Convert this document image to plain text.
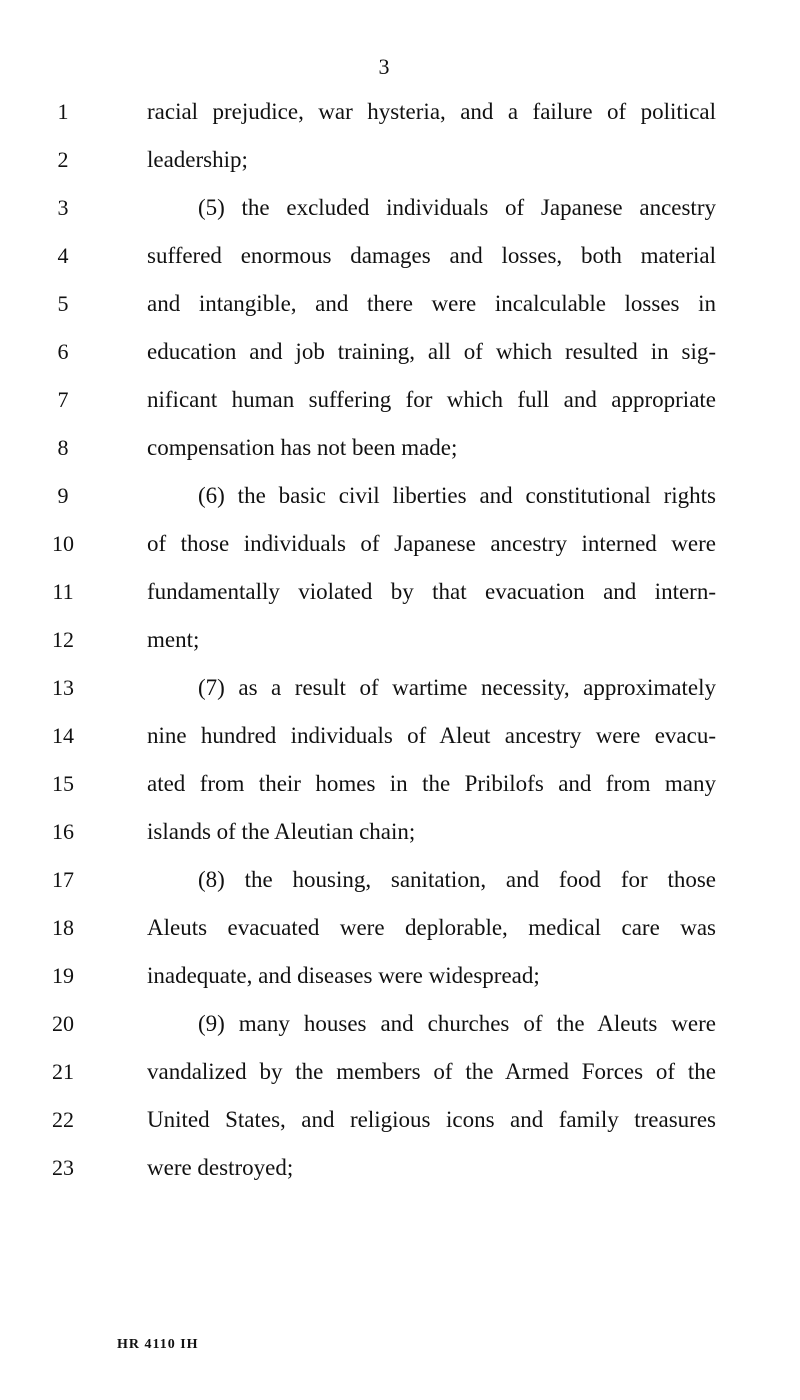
3
1	racial prejudice, war hysteria, and a failure of political
2	leadership;
3	(5) the excluded individuals of Japanese ancestry
4	suffered enormous damages and losses, both material
5	and intangible, and there were incalculable losses in
6	education and job training, all of which resulted in sig-
7	nificant human suffering for which full and appropriate
8	compensation has not been made;
9	(6) the basic civil liberties and constitutional rights
10	of those individuals of Japanese ancestry interned were
11	fundamentally violated by that evacuation and intern-
12	ment;
13	(7) as a result of wartime necessity, approximately
14	nine hundred individuals of Aleut ancestry were evacu-
15	ated from their homes in the Pribilofs and from many
16	islands of the Aleutian chain;
17	(8) the housing, sanitation, and food for those
18	Aleuts evacuated were deplorable, medical care was
19	inadequate, and diseases were widespread;
20	(9) many houses and churches of the Aleuts were
21	vandalized by the members of the Armed Forces of the
22	United States, and religious icons and family treasures
23	were destroyed;
HR 4110 IH
